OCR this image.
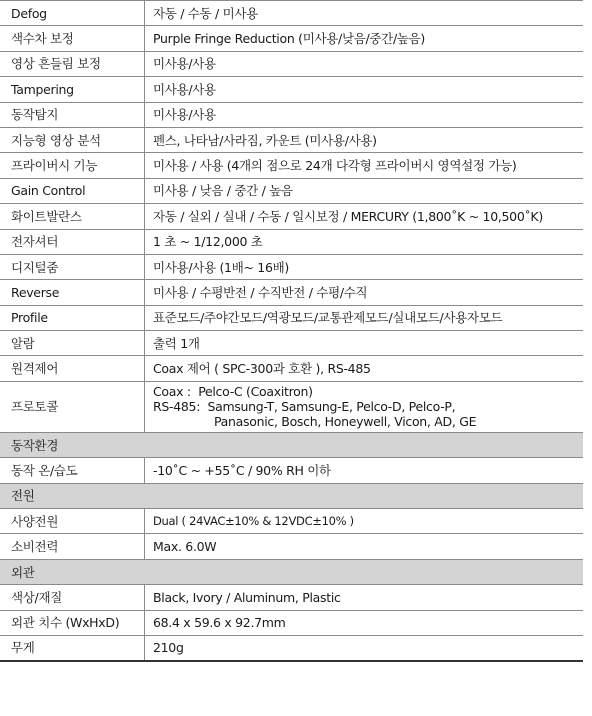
Defog	자동 / 수동 / 미사용
색수차 보정	Purple Fringe Reduction (미사용/낮음/중간/높음)
영상 흔들림 보정	미사용/사용
Tampering	미사용/사용
동작탐지	미사용/사용
지능형 영상 분석	펜스, 나타남/사라짐, 카운트 (미사용/사용)
프라이버시 기능	미사용 / 사용 (4개의 점으로 24개 다각형 프라이버시 영역설정 가능)
Gain Control	미사용 / 낮음 / 중간 / 높음
화이트발란스	자동 / 실외 / 실내 / 수동 / 일시보정 / MERCURY (1,800˚K ~ 10,500˚K)
전자셔터	1 초 ~ 1/12,000 초
디지털줌	미사용/사용 (1배~ 16배)
Reverse	미사용 / 수평반전 / 수직반전 / 수평/수직
Profile	표준모드/주야간모드/역광모드/교통관제모드/실내모드/사용자모드
알람	출력 1개
원격제어	Coax 제어 ( SPC-300과 호환 ), RS-485
프로토콜	Coax : Pelco-C (Coaxitron)
RS-485: Samsung-T, Samsung-E, Pelco-D, Pelco-P,
Panasonic, Bosch, Honeywell, Vicon, AD, GE

동작환경	
동작 온/습도	-10˚C ~ +55˚C / 90% RH 이하
전원	
사양전원	Dual ( 24VAC±10% & 12VDC±10% )
소비전력	Max. 6.0W
외관	
색상/재질	Black, Ivory / Aluminum, Plastic
외관 치수 (WxHxD)	68.4 x 59.6 x 92.7mm
무게	210g
